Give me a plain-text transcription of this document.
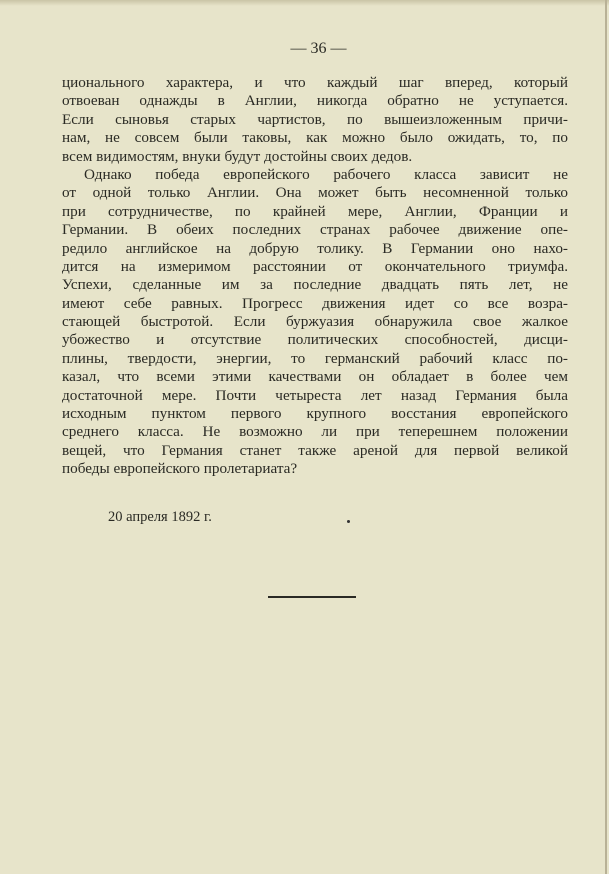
— 36 —
ционального характера, и что каждый шаг вперед, который
отвоеван однажды в Англии, никогда обратно не уступается.
Если сыновья старых чартистов, по вышеизложенным причи-
нам, не совсем были таковы, как можно было ожидать, то, по
всем видимостям, внуки будут достойны своих дедов.
Однако победа европейского рабочего класса зависит не
от одной только Англии. Она может быть несомненной только
при сотрудничестве, по крайней мере, Англии, Франции и
Германии. В обеих последних странах рабочее движение опе-
редило английское на добрую толику. В Германии оно нахо-
дится на измеримом расстоянии от окончательного триумфа.
Успехи, сделанные им за последние двадцать пять лет, не
имеют себе равных. Прогресс движения идет со все возра-
стающей быстротой. Если буржуазия обнаружила свое жалкое
убожество и отсутствие политических способностей, дисци-
плины, твердости, энергии, то германский рабочий класс по-
казал, что всеми этими качествами он обладает в более чем
достаточной мере. Почти четыреста лет назад Германия была
исходным пунктом первого крупного восстания европейского
среднего класса. Не возможно ли при теперешнем положении
вещей, что Германия станет также ареной для первой великой
победы европейского пролетариата?
20 апреля 1892 г.
